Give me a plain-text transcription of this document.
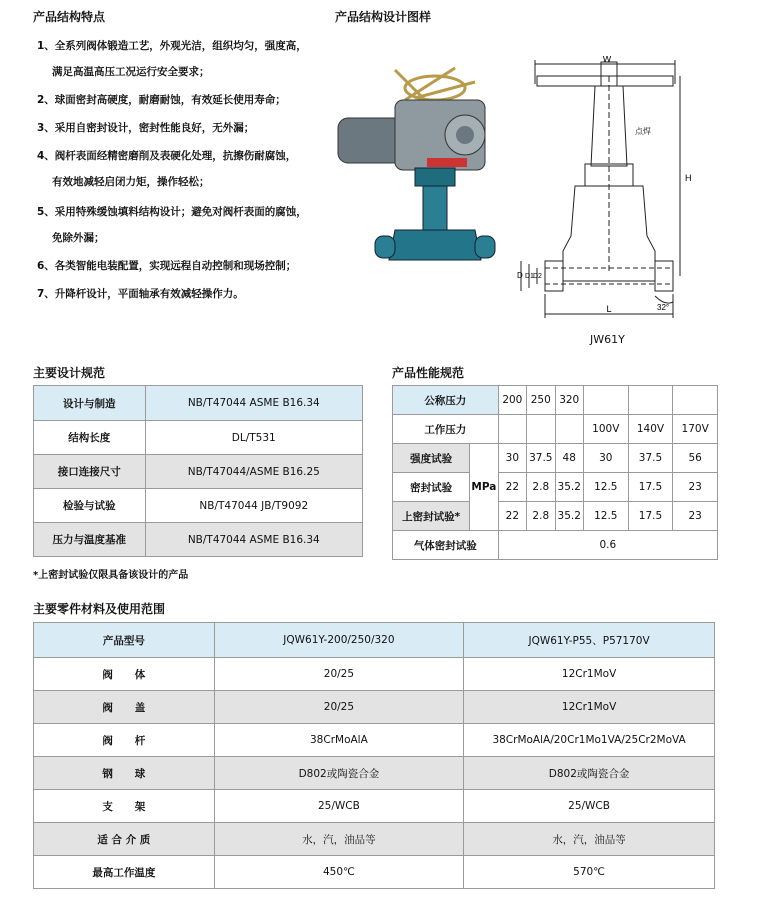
产品结构特点
1、全系列阀体锻造工艺，外观光洁，组织均匀，强度高，
满足高温高压工况运行安全要求；
2、球面密封高硬度，耐磨耐蚀，有效延长使用寿命；
3、采用自密封设计，密封性能良好，无外漏；
4、阀杆表面经精密磨削及表硬化处理，抗擦伤耐腐蚀，
有效地减轻启闭力矩，操作轻松；
5、采用特殊缓蚀填料结构设计；避免对阀杆表面的腐蚀，
免除外漏；
6、各类智能电装配置，实现远程自动控制和现场控制；
7、升降杆设计，平面轴承有效减轻操作力。
产品结构设计图样
W
H
L
D D1 D2
点焊
32°
JW61Y
主要设计规范
设计与制造	NB/T47044 ASME B16.34
结构长度	DL/T531
接口连接尺寸	NB/T47044/ASME B16.25
检验与试验	NB/T47044 JB/T9092
压力与温度基准	NB/T47044 ASME B16.34
*上密封试验仅限具备该设计的产品
产品性能规范
公称压力		200	250	320			
工作压力					100V	140V	170V
强度试验	MPa	30	37.5	48	30	37.5	56
密封试验		22	2.8	35.2	12.5	17.5	23
上密封试验*		22	2.8	35.2	12.5	17.5	23
气体密封试验		0.6					
主要零件材料及使用范围
产品型号	JQW61Y-200/250/320	JQW61Y-P55、P57170V
阀      体	20/25	12Cr1MoV
阀      盖	20/25	12Cr1MoV
阀      杆	38CrMoAlA	38CrMoAlA/20Cr1Mo1VA/25Cr2MoVA
钢      球	D802或陶瓷合金	D802或陶瓷合金
支      架	25/WCB	25/WCB
适 合 介 质	水，汽，油品等	水，汽，油品等
最高工作温度	450℃	570℃
